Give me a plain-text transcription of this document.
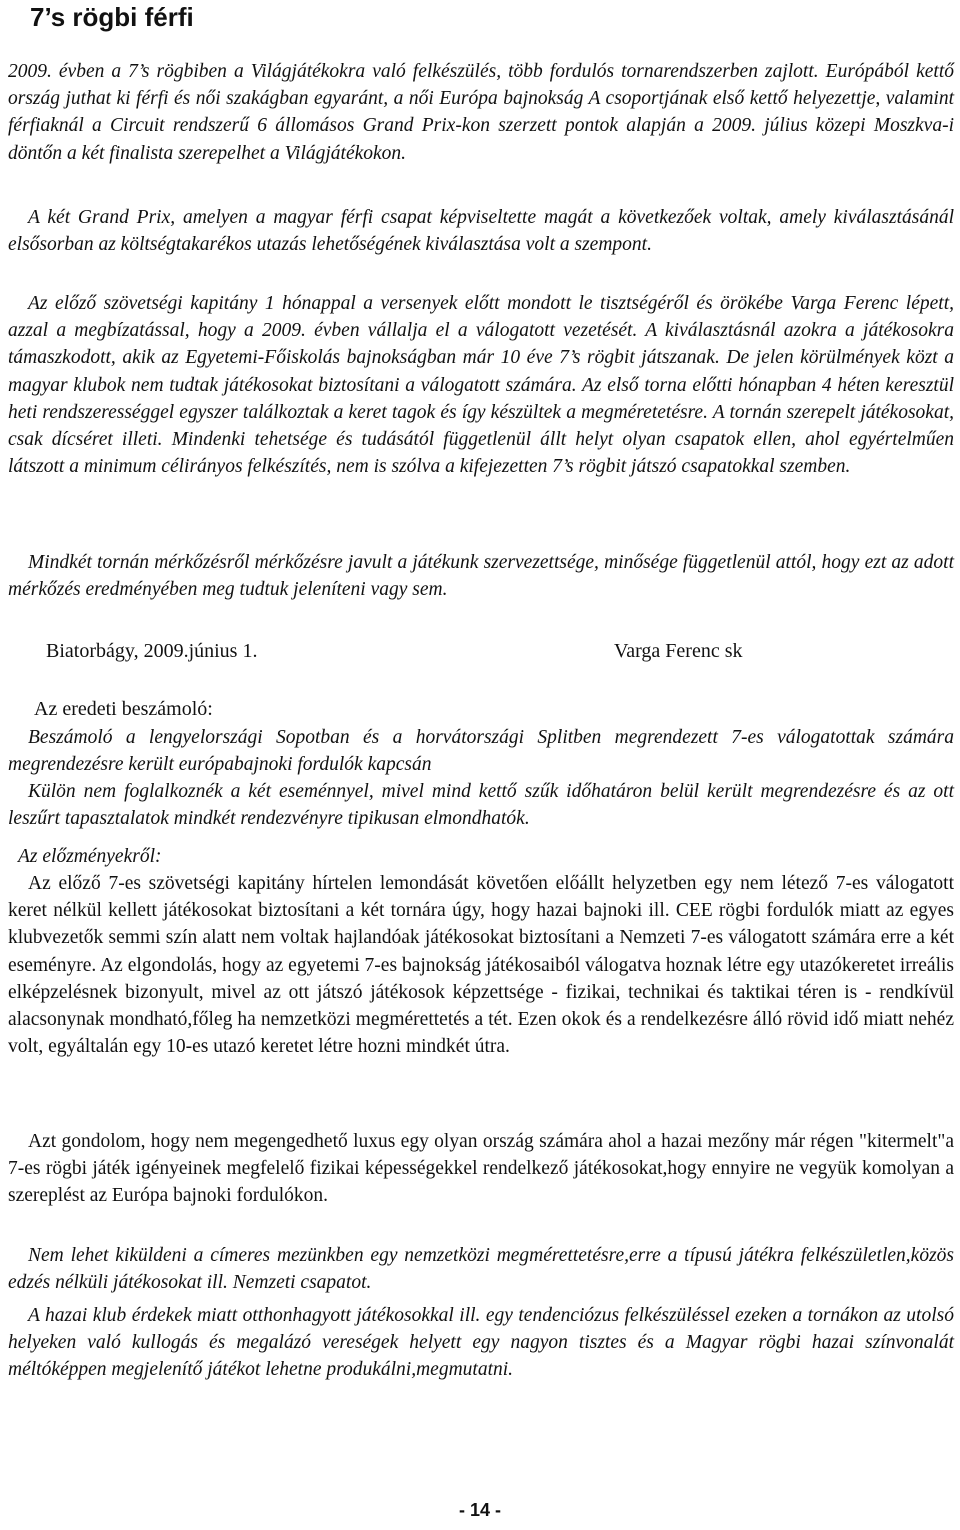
7’s rögbi férfi

2009. évben a 7’s rögbiben a Világjátékokra való felkészülés, több fordulós tornarendszerben zajlott. Európából kettő ország juthat ki férfi és női szakágban egyaránt, a női Európa bajnokság A csoportjának első kettő helyezettje, valamint férfiaknál a Circuit rendszerű 6 állomásos Grand Prix-kon szerzett pontok alapján a 2009. július közepi Moszkva-i döntőn a két finalista szerepelhet a Világjátékokon.

A két Grand Prix, amelyen a magyar férfi csapat képviseltette magát a következőek voltak, amely kiválasztásánál elsősorban az költségtakarékos utazás lehetőségének kiválasztása volt a szempont.

Az előző szövetségi kapitány 1 hónappal a versenyek előtt mondott le tisztségéről és örökébe Varga Ferenc lépett, azzal a megbízatással, hogy a 2009. évben vállalja el a válogatott vezetését. A kiválasztásnál azokra a játékosokra támaszkodott, akik az Egyetemi-Főiskolás bajnokságban már 10 éve 7’s rögbit játszanak. De jelen körülmények közt a magyar klubok nem tudtak játékosokat biztosítani a válogatott számára. Az első torna előtti hónapban 4 héten keresztül heti rendszerességgel egyszer találkoztak a keret tagok és így készültek a megméretetésre. A tornán szerepelt játékosokat, csak dícséret illeti. Mindenki tehetsége és tudásától függetlenül állt helyt olyan csapatok ellen, ahol egyértelműen látszott a minimum célirányos felkészítés, nem is szólva a kifejezetten 7’s rögbit játszó csapatokkal szemben.

Mindkét tornán mérkőzésről mérkőzésre javult a játékunk szervezettsége, minősége függetlenül attól, hogy ezt az adott mérkőzés eredményében meg tudtuk jeleníteni vagy sem.

Biatorbágy, 2009.június 1.	Varga Ferenc sk

Az eredeti beszámoló:

Beszámoló a lengyelországi Sopotban és a horvátországi Splitben megrendezett 7-es válogatottak számára megrendezésre került európabajnoki fordulók kapcsán

Külön nem foglalkoznék a két eseménnyel, mivel mind kettő szűk időhatáron belül került megrendezésre és az ott leszűrt tapasztalatok mindkét rendezvényre tipikusan elmondhatók.

Az előzményekről:

Az előző 7-es szövetségi kapitány hírtelen lemondását követően előállt helyzetben egy nem létező 7-es válogatott keret nélkül kellett játékosokat biztosítani a két tornára úgy, hogy hazai bajnoki ill. CEE rögbi fordulók miatt az egyes klubvezetők semmi szín alatt nem voltak hajlandóak játékosokat biztosítani a Nemzeti 7-es válogatott számára erre a két eseményre. Az elgondolás, hogy az egyetemi 7-es bajnokság játékosaiból válogatva hoznak létre egy utazókeretet irreális elképzelésnek bizonyult, mivel az ott játszó játékosok képzettsége - fizikai, technikai és taktikai téren is - rendkívül alacsonynak mondható,főleg ha nemzetközi megmérettetés a tét. Ezen okok és a rendelkezésre álló rövid idő miatt nehéz volt, egyáltalán egy 10-es utazó keretet létre hozni mindkét útra.

Azt gondolom, hogy nem megengedhető luxus egy olyan ország számára ahol a hazai mezőny már régen "kitermelt"a 7-es rögbi játék igényeinek megfelelő fizikai képességekkel rendelkező játékosokat,hogy ennyire ne vegyük komolyan a szereplést az Európa bajnoki fordulókon.

Nem lehet kiküldeni a címeres mezünkben egy nemzetközi megmérettetésre,erre a típusú játékra felkészületlen,közös edzés nélküli játékosokat ill. Nemzeti csapatot.

A hazai klub érdekek miatt otthonhagyott játékosokkal ill. egy tendenciózus felkészüléssel ezeken a tornákon az utolsó helyeken való kullogás és megalázó vereségek helyett egy nagyon tisztes és a Magyar rögbi hazai színvonalát méltóképpen megjelenítő játékot lehetne produkálni,megmutatni.

- 14 -
